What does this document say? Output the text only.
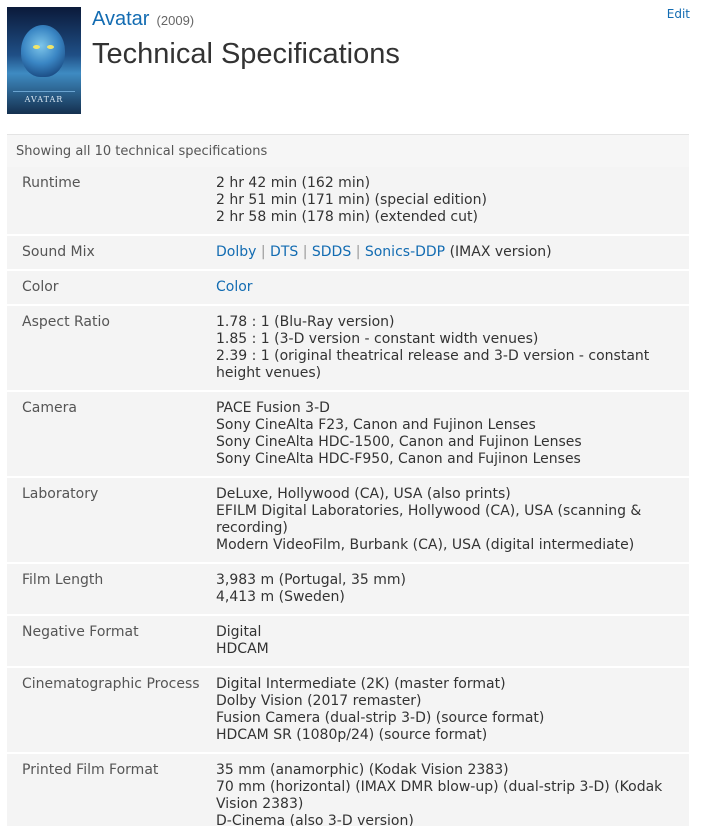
AVATAR
Avatar (2009)
Technical Specifications
Edit
Showing all 10 technical specifications
Runtime	2 hr 42 min (162 min)
2 hr 51 min (171 min) (special edition)
2 hr 58 min (178 min) (extended cut)

Sound Mix	Dolby | DTS | SDDS | Sonics-DDP (IMAX version)
Color	Color
Aspect Ratio	1.78 : 1 (Blu-Ray version)
1.85 : 1 (3-D version - constant width venues)
2.39 : 1 (original theatrical release and 3-D version - constant height venues)

Camera	PACE Fusion 3-D
Sony CineAlta F23, Canon and Fujinon Lenses
Sony CineAlta HDC-1500, Canon and Fujinon Lenses
Sony CineAlta HDC-F950, Canon and Fujinon Lenses

Laboratory	DeLuxe, Hollywood (CA), USA (also prints)
EFILM Digital Laboratories, Hollywood (CA), USA (scanning & recording)
Modern VideoFilm, Burbank (CA), USA (digital intermediate)

Film Length	3,983 m (Portugal, 35 mm)
4,413 m (Sweden)

Negative Format	Digital
HDCAM

Cinematographic Process	Digital Intermediate (2K) (master format)
Dolby Vision (2017 remaster)
Fusion Camera (dual-strip 3-D) (source format)
HDCAM SR (1080p/24) (source format)

Printed Film Format	35 mm (anamorphic) (Kodak Vision 2383)
70 mm (horizontal) (IMAX DMR blow-up) (dual-strip 3-D) (Kodak Vision 2383)
D-Cinema (also 3-D version)
